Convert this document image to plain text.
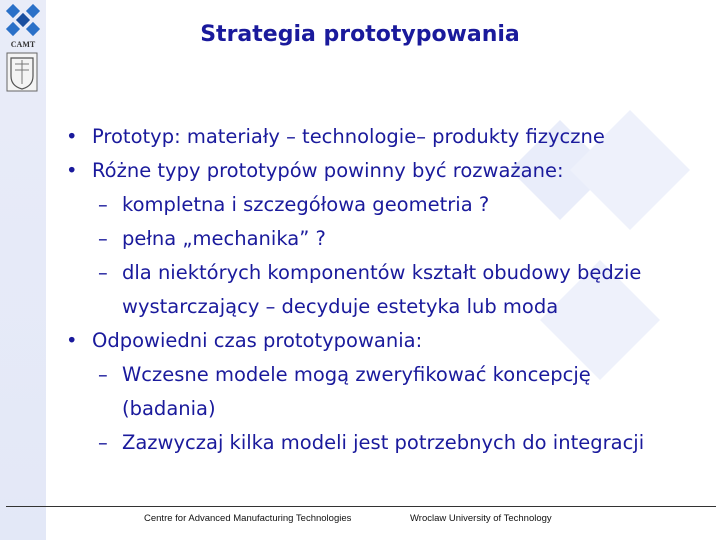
CAMT	Strategia prototypowania
• Prototyp: materiały – technologie– produkty fizyczne
• Różne typy prototypów powinny być rozważane:
– kompletna i szczegółowa geometria ?
– pełna „mechanika” ?
– dla niektórych komponentów kształt obudowy będzie
wystarczający – decyduje estetyka lub moda
• Odpowiedni czas prototypowania:
– Wczesne modele mogą zweryfikować koncepcję
(badania)
– Zazwyczaj kilka modeli jest potrzebnych do integracji
Centre for Advanced Manufacturing Technologies	Wroclaw University of Technology
